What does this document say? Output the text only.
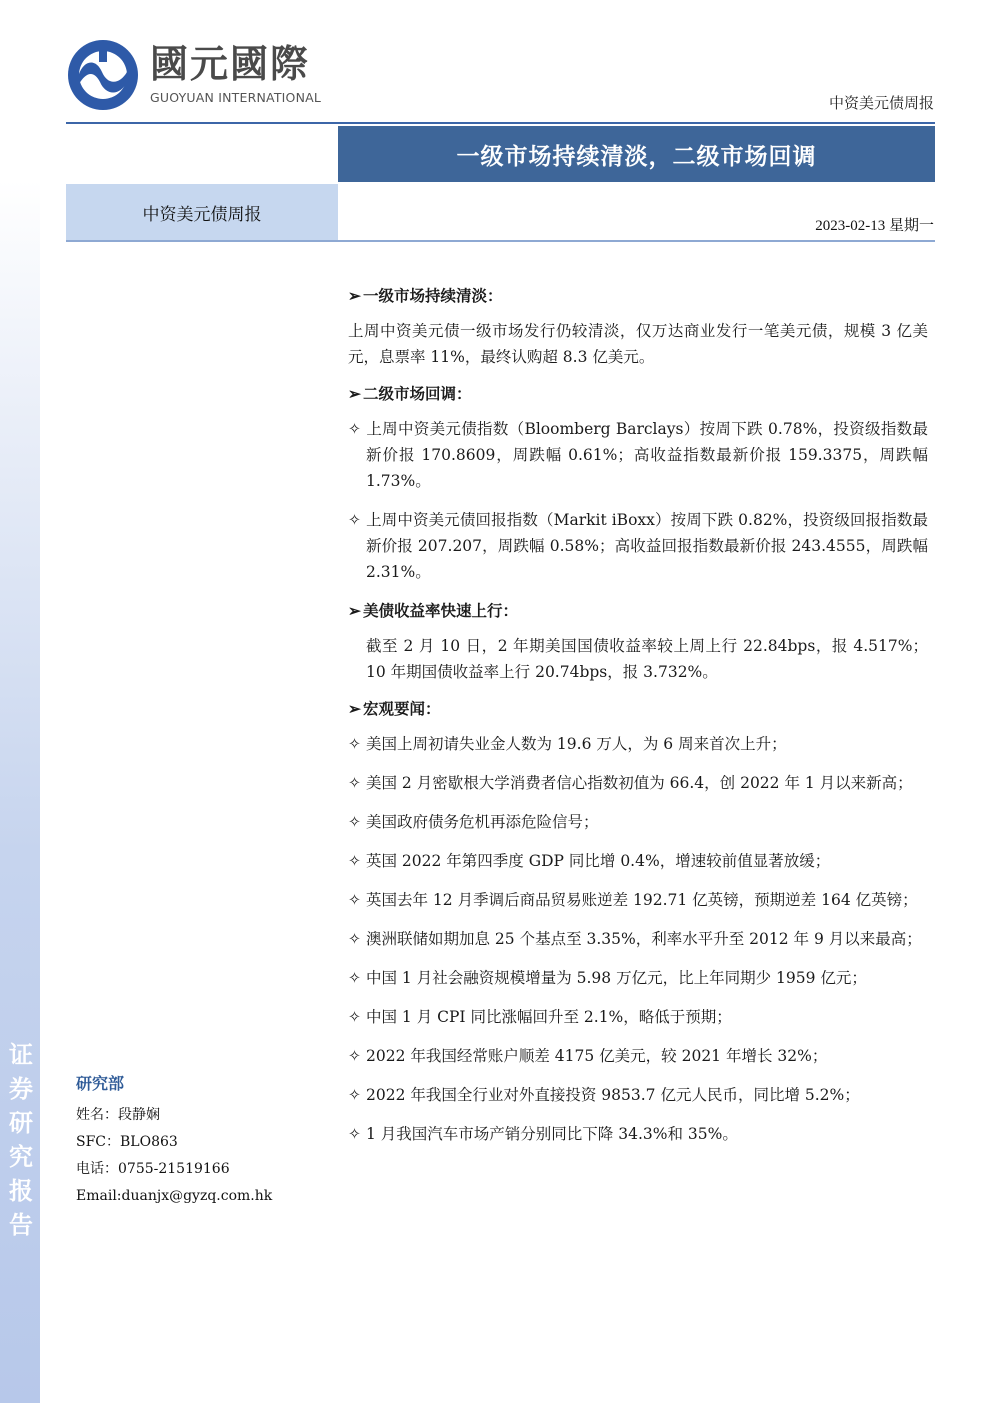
证
券
研
究
报
告
國元國際
GUOYUAN INTERNATIONAL	中资美元债周报
一级市场持续清淡，二级市场回调
中资美元债周报
2023-02-13 星期一
➢ 一级市场持续清淡：

上周中资美元债一级市场发行仍较清淡，仅万达商业发行一笔美元债，规模 3 亿美元，息票率 11%，最终认购超 8.3 亿美元。

➢ 二级市场回调：

✧ 上周中资美元债指数（Bloomberg Barclays）按周下跌 0.78%，投资级指数最新价报 170.8609，周跌幅 0.61%；高收益指数最新价报 159.3375，周跌幅 1.73%。

✧ 上周中资美元债回报指数（Markit iBoxx）按周下跌 0.82%，投资级回报指数最新价报 207.207，周跌幅 0.58%；高收益回报指数最新价报 243.4555，周跌幅 2.31%。

➢ 美债收益率快速上行：

截至 2 月 10 日，2 年期美国国债收益率较上周上行 22.84bps，报 4.517%；10 年期国债收益率上行 20.74bps，报 3.732%。

➢ 宏观要闻：

✧ 美国上周初请失业金人数为 19.6 万人，为 6 周来首次上升；

✧ 美国 2 月密歇根大学消费者信心指数初值为 66.4，创 2022 年 1 月以来新高；

✧ 美国政府债务危机再添危险信号；

✧ 英国 2022 年第四季度 GDP 同比增 0.4%，增速较前值显著放缓；

✧ 英国去年 12 月季调后商品贸易账逆差 192.71 亿英镑，预期逆差 164 亿英镑；

✧ 澳洲联储如期加息 25 个基点至 3.35%，利率水平升至 2012 年 9 月以来最高；

✧ 中国 1 月社会融资规模增量为 5.98 万亿元，比上年同期少 1959 亿元；

✧ 中国 1 月 CPI 同比涨幅回升至 2.1%，略低于预期；

✧ 2022 年我国经常账户顺差 4175 亿美元，较 2021 年增长 32%；

✧ 2022 年我国全行业对外直接投资 9853.7 亿元人民币，同比增 5.2%；

✧ 1 月我国汽车市场产销分别同比下降 34.3%和 35%。

研究部
姓名：段静娴
SFC：BLO863
电话：0755-21519166
Email:duanjx@gyzq.com.hk
